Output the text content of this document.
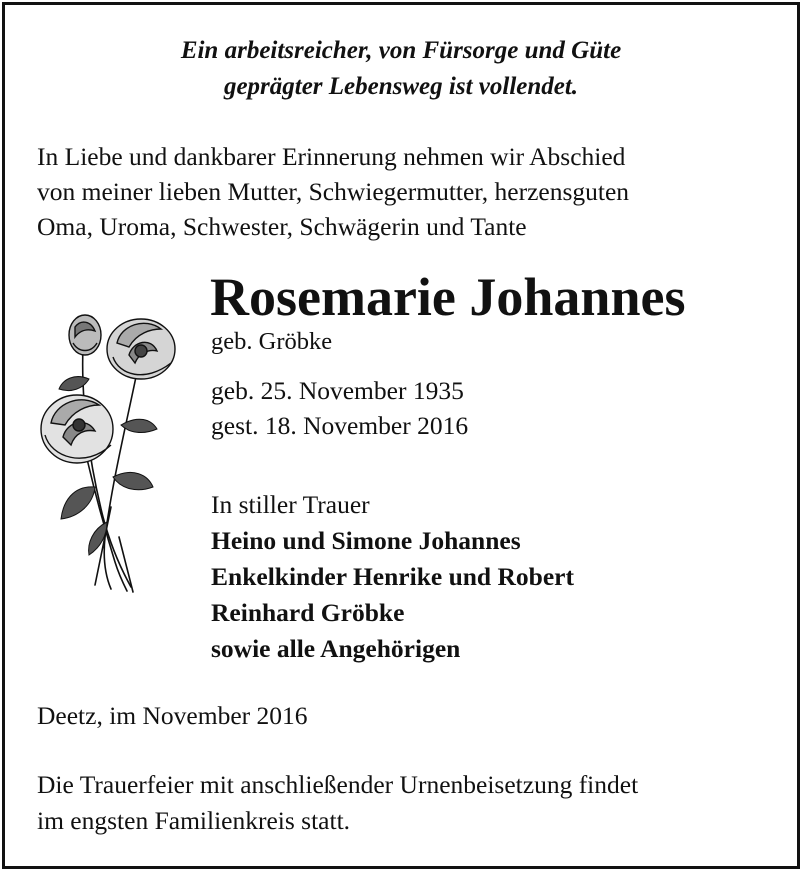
Ein arbeitsreicher, von Fürsorge und Güte
geprägter Lebensweg ist vollendet.
In Liebe und dankbarer Erinnerung nehmen wir Abschied
von meiner lieben Mutter, Schwiegermutter, herzensguten
Oma, Uroma, Schwester, Schwägerin und Tante
Rosemarie Johannes
geb. Gröbke
geb. 25. November 1935
gest. 18. November 2016
In stiller Trauer
Heino und Simone Johannes
Enkelkinder Henrike und Robert
Reinhard Gröbke
sowie alle Angehörigen
Deetz, im November 2016
Die Trauerfeier mit anschließender Urnenbeisetzung findet
im engsten Familienkreis statt.
